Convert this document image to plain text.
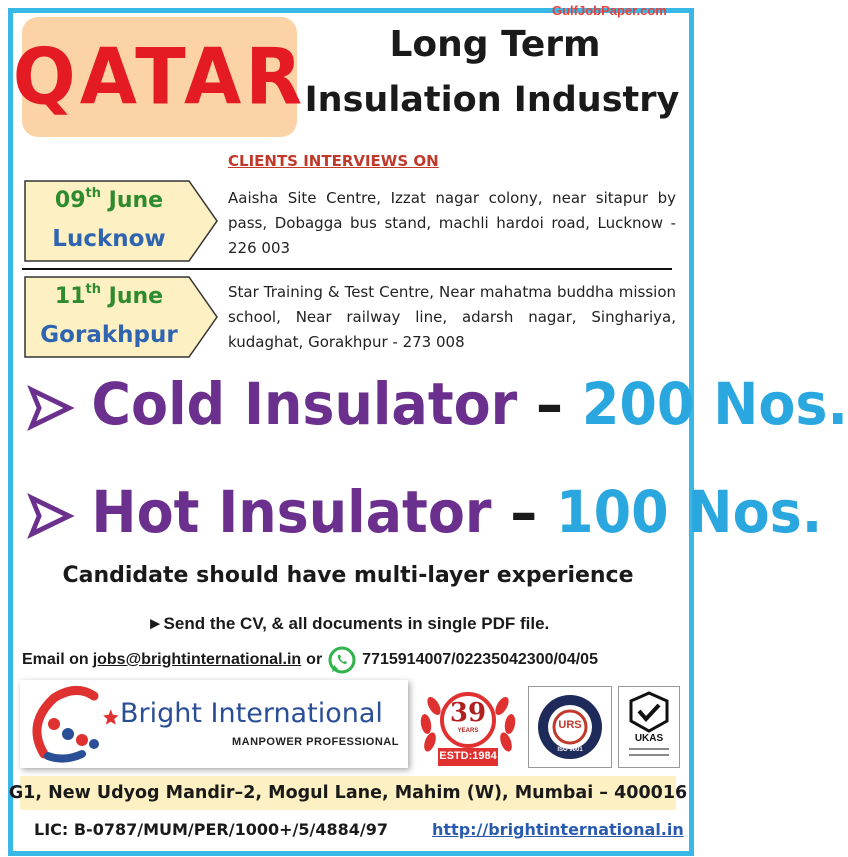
GulfJobPaper.com
QATAR	Long Term
Insulation Industry
CLIENTS INTERVIEWS ON
09th June
Lucknow
Aaisha Site Centre, Izzat nagar colony, near sitapur by pass, Dobagga bus stand, machli hardoi road, Lucknow - 226 003
11th June
Gorakhpur
Star Training & Test Centre, Near mahatma buddha mission school, Near railway line, adarsh nagar, Singhariya, kudaghat, Gorakhpur - 273 008
Cold Insulator – 200 Nos.
Hot Insulator – 100 Nos.
Candidate should have multi-layer experience
►Send the CV, & all documents in single PDF file.
Email on jobs@brightinternational.in or	7715914007/02235042300/04/05
Bright International
MANPOWER PROFESSIONAL
39
YEARS
ESTD:1984
URS
ISO 9001
UKAS
G1, New Udyog Mandir–2, Mogul Lane, Mahim (W), Mumbai – 400016
LIC: B-0787/MUM/PER/1000+/5/4884/97	http://brightinternational.in
